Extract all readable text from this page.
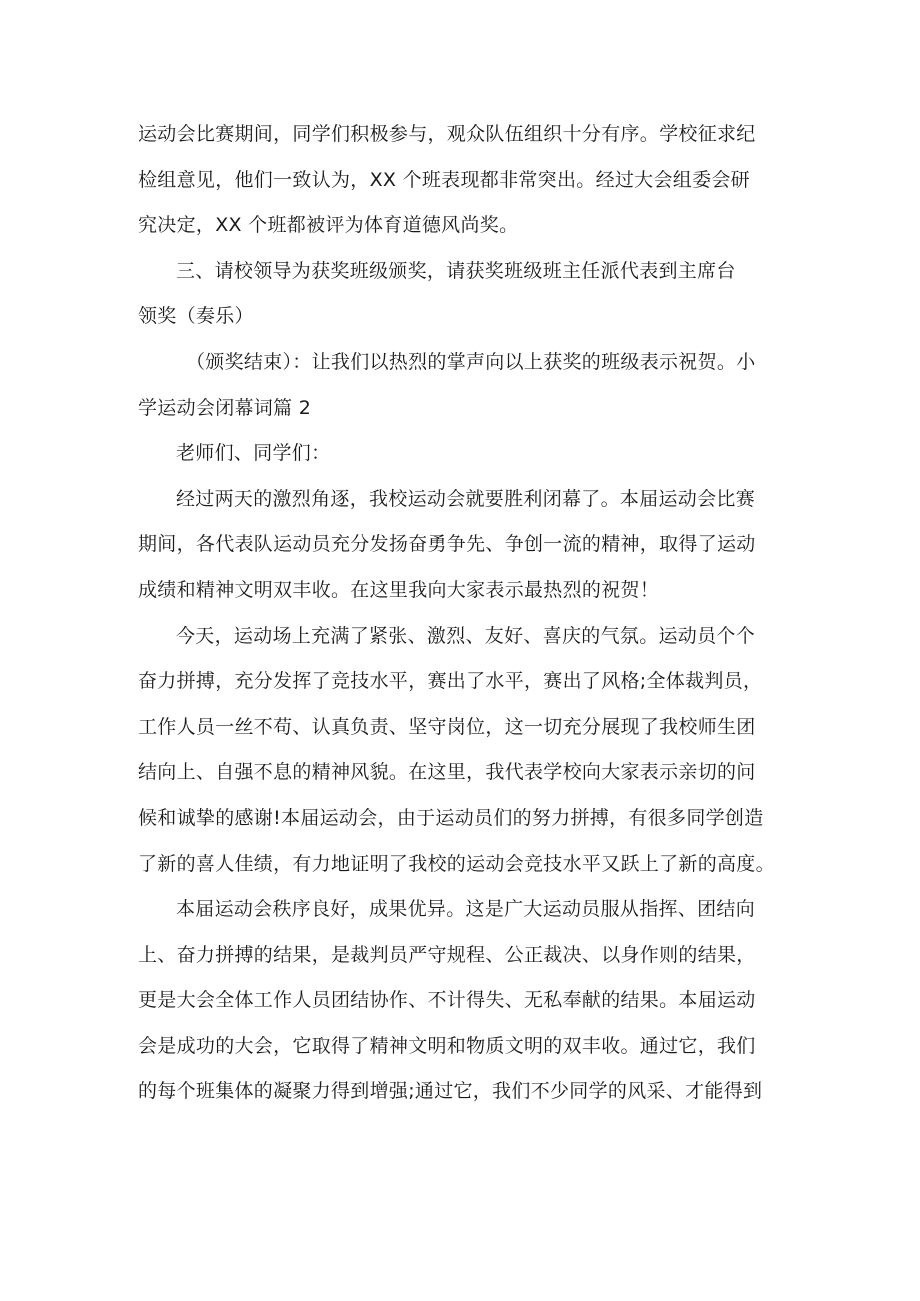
运动会比赛期间，同学们积极参与，观众队伍组织十分有序。学校征求纪
检组意见，他们一致认为，XX 个班表现都非常突出。经过大会组委会研
究决定，XX 个班都被评为体育道德风尚奖。
三、请校领导为获奖班级颁奖，请获奖班级班主任派代表到主席台
领奖（奏乐）
（颁奖结束）：让我们以热烈的掌声向以上获奖的班级表示祝贺。小
学运动会闭幕词篇 2
老师们、同学们：
经过两天的激烈角逐，我校运动会就要胜利闭幕了。本届运动会比赛
期间，各代表队运动员充分发扬奋勇争先、争创一流的精神，取得了运动
成绩和精神文明双丰收。在这里我向大家表示最热烈的祝贺！
今天，运动场上充满了紧张、激烈、友好、喜庆的气氛。运动员个个
奋力拼搏，充分发挥了竞技水平，赛出了水平，赛出了风格;全体裁判员，
工作人员一丝不苟、认真负责、坚守岗位，这一切充分展现了我校师生团
结向上、自强不息的精神风貌。在这里，我代表学校向大家表示亲切的问
候和诚挚的感谢!本届运动会，由于运动员们的努力拼搏，有很多同学创造
了新的喜人佳绩，有力地证明了我校的运动会竞技水平又跃上了新的高度。
本届运动会秩序良好，成果优异。这是广大运动员服从指挥、团结向
上、奋力拼搏的结果，是裁判员严守规程、公正裁决、以身作则的结果，
更是大会全体工作人员团结协作、不计得失、无私奉献的结果。本届运动
会是成功的大会，它取得了精神文明和物质文明的双丰收。通过它，我们
的每个班集体的凝聚力得到增强;通过它，我们不少同学的风采、才能得到
